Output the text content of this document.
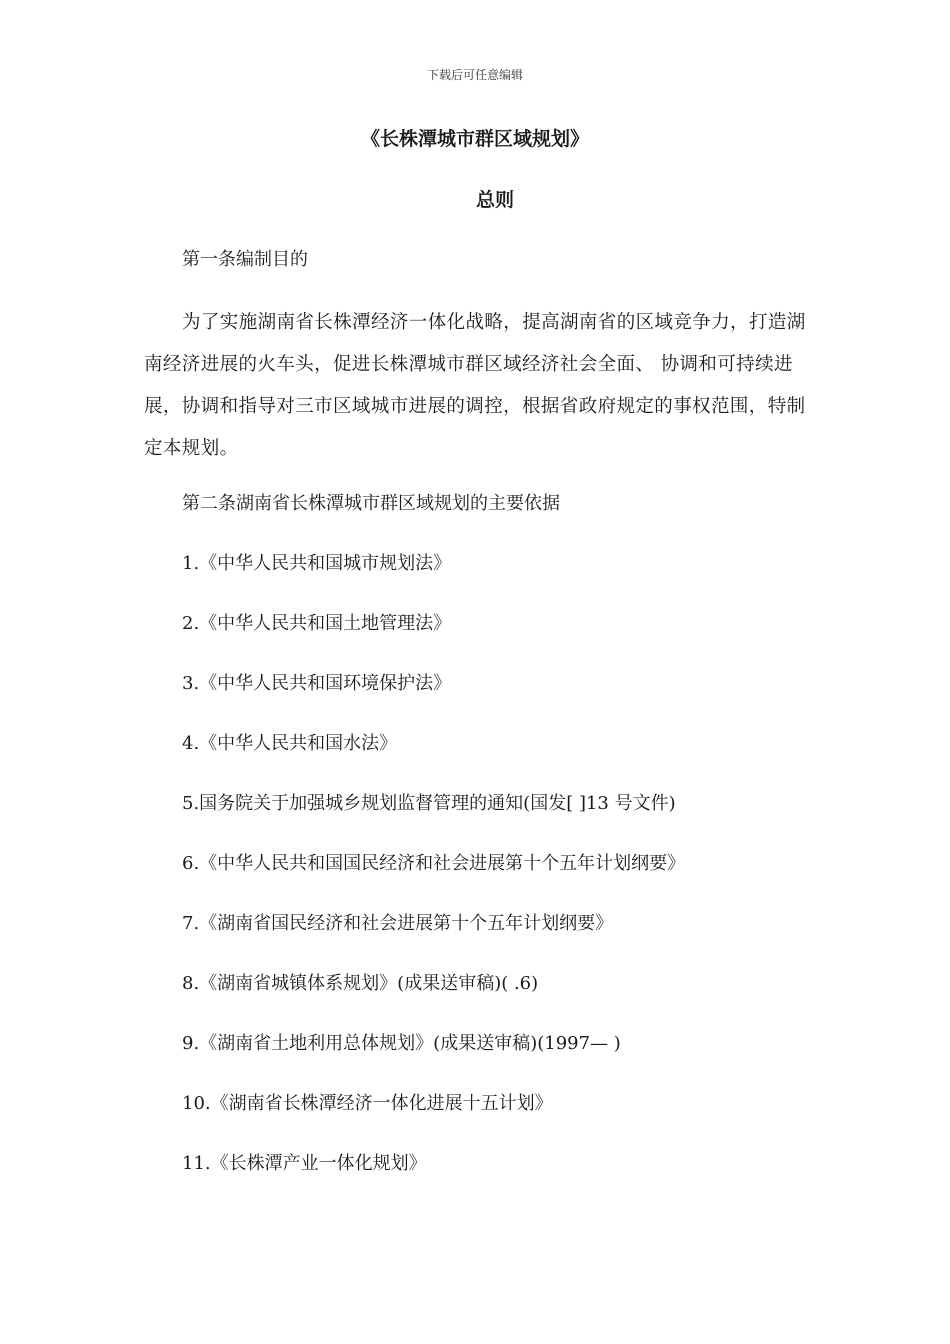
下载后可任意编辑
《长株潭城市群区域规划》
总则
第一条编制目的
为了实施湖南省长株潭经济一体化战略，提高湖南省的区域竞争力，打造湖南经济进展的火车头，促进长株潭城市群区域经济社会全面、 协调和可持续进展，协调和指导对三市区域城市进展的调控，根据省政府规定的事权范围，特制定本规划。
第二条湖南省长株潭城市群区域规划的主要依据
1.《中华人民共和国城市规划法》
2.《中华人民共和国土地管理法》
3.《中华人民共和国环境保护法》
4.《中华人民共和国水法》
5.国务院关于加强城乡规划监督管理的通知(国发[ ]13 号文件)
6.《中华人民共和国国民经济和社会进展第十个五年计划纲要》
7.《湖南省国民经济和社会进展第十个五年计划纲要》
8.《湖南省城镇体系规划》(成果送审稿)( .6)
9.《湖南省土地利用总体规划》(成果送审稿)(1997— )
10.《湖南省长株潭经济一体化进展十五计划》
11.《长株潭产业一体化规划》
